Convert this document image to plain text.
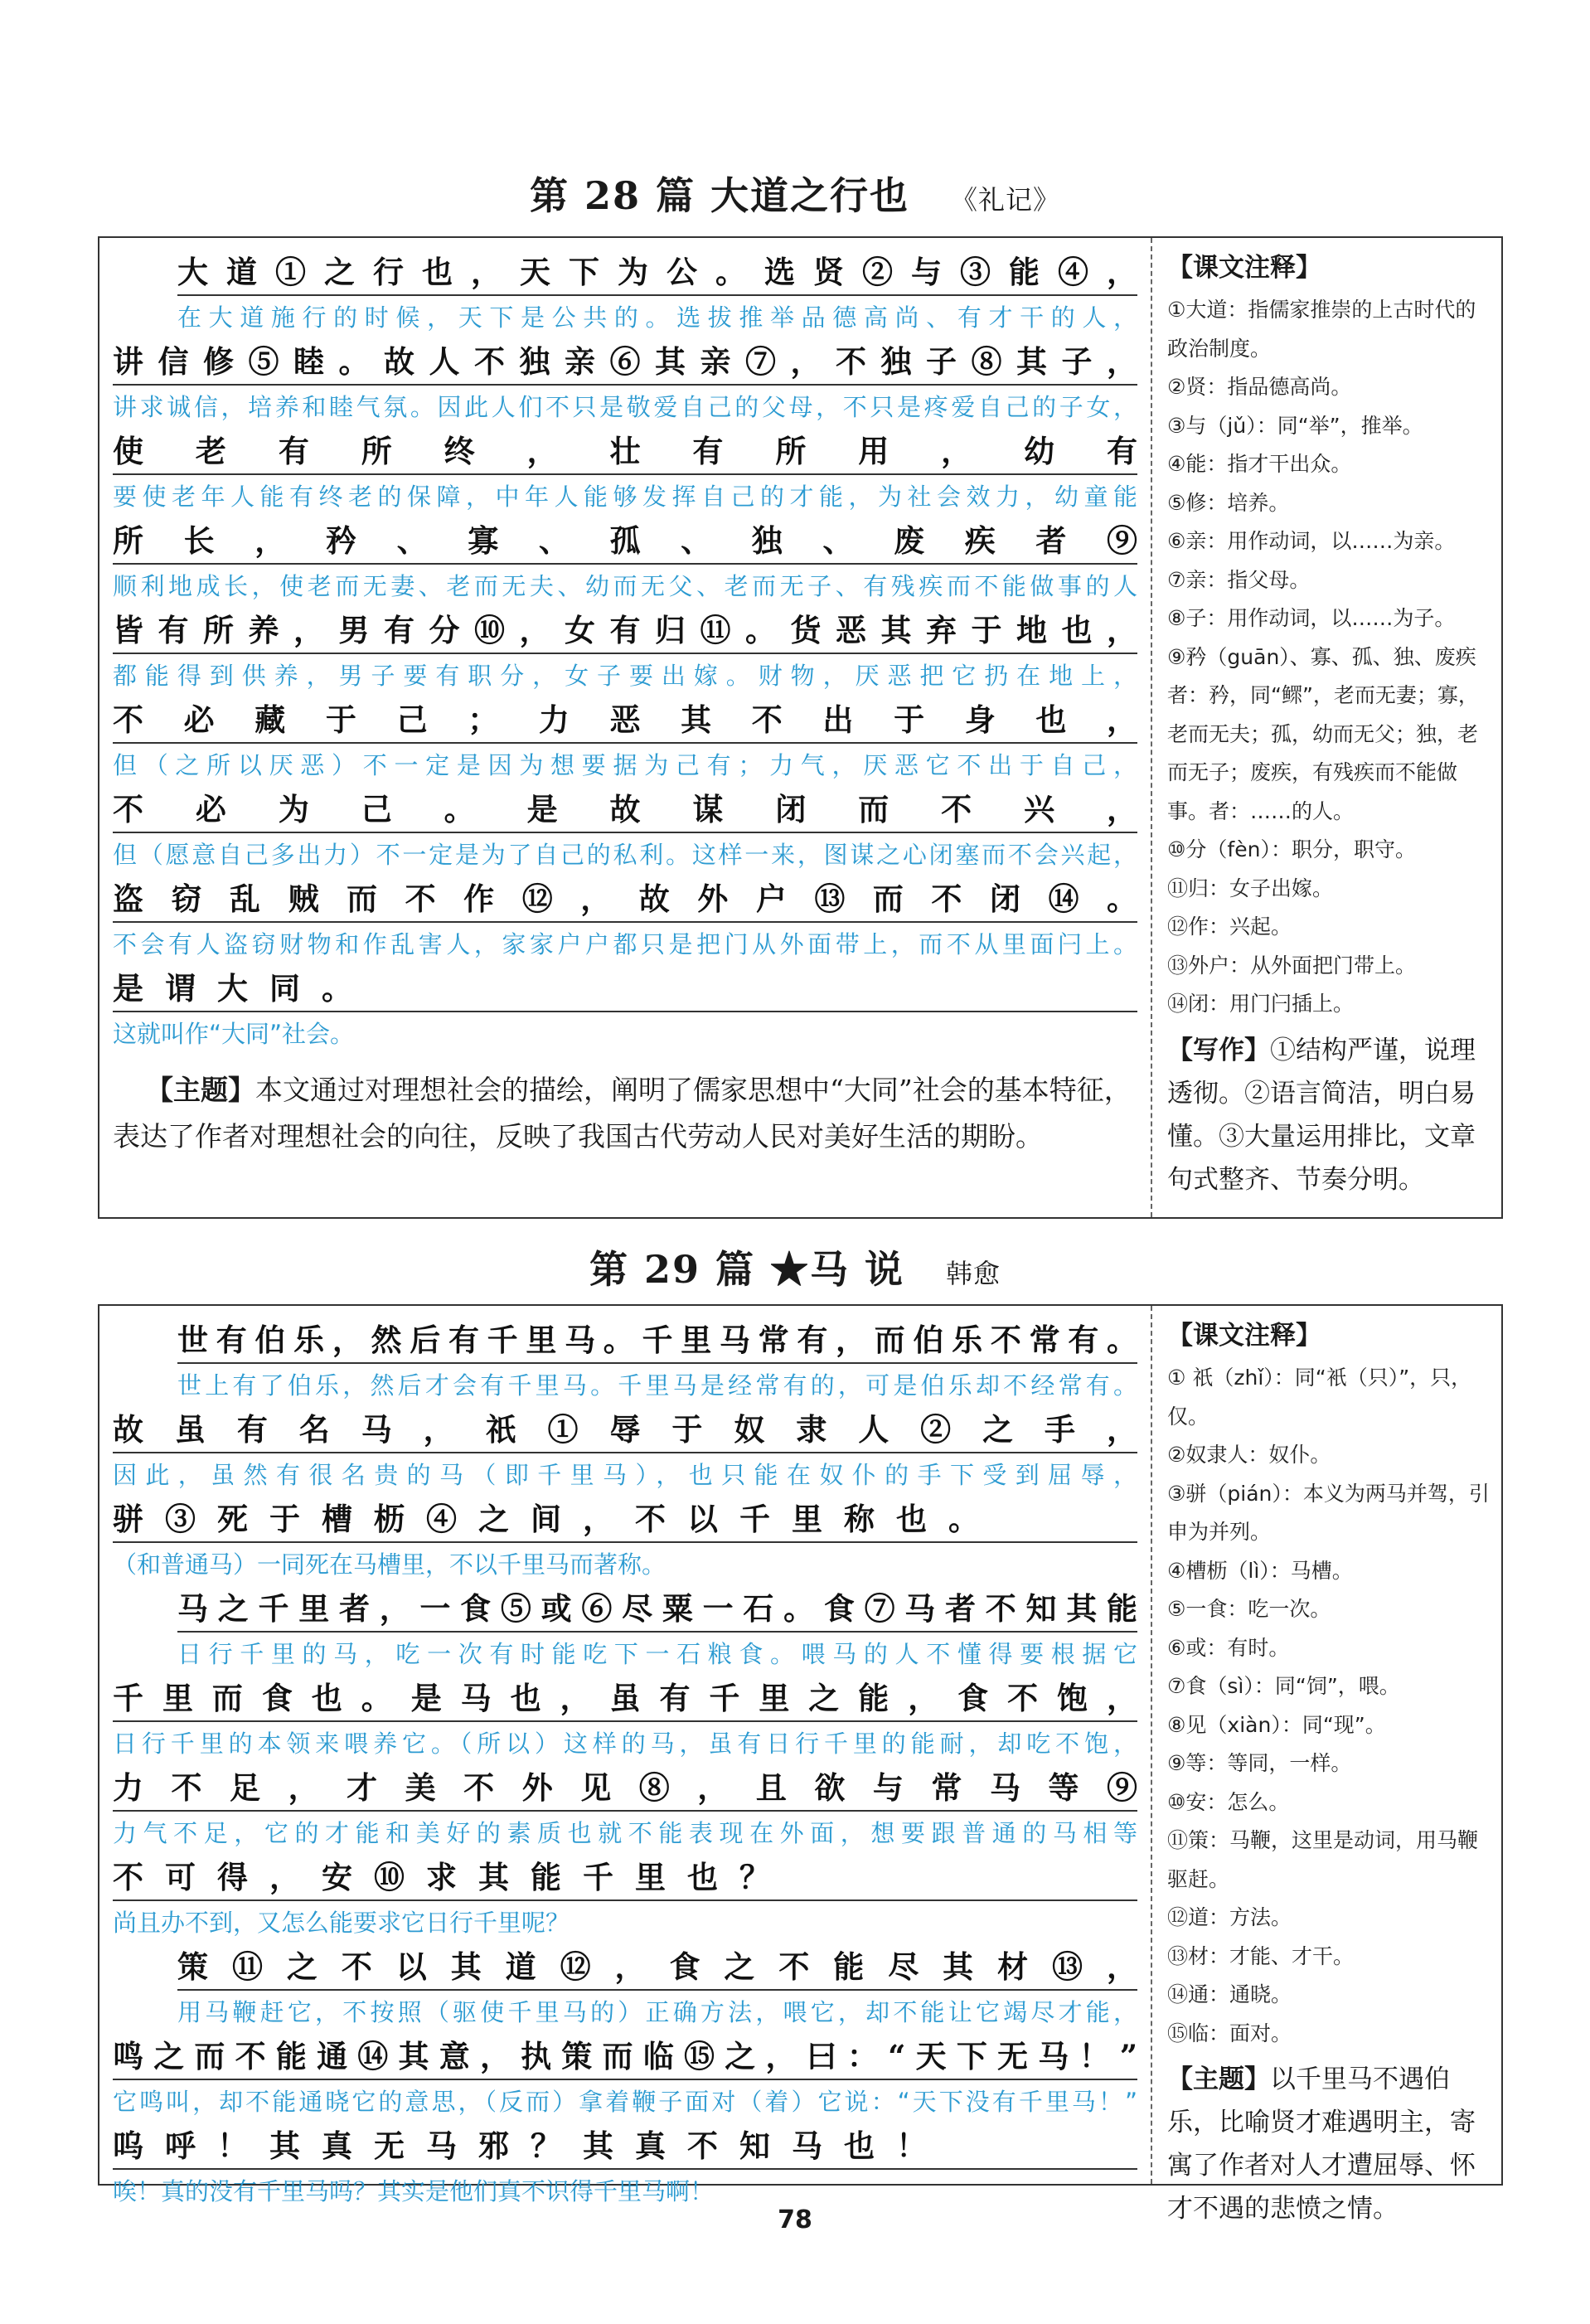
第 28 篇 大道之行也 《礼记》

大道①之行也，天下为公。选贤②与③能④，

在大道施行的时候，天下是公共的。选拔推举品德高尚、有才干的人，

讲信修⑤睦。故人不独亲⑥其亲⑦，不独子⑧其子，

讲求诚信，培养和睦气氛。因此人们不只是敬爱自己的父母，不只是疼爱自己的子女，

使老有所终，壮有所用，幼有

要使老年人能有终老的保障，中年人能够发挥自己的才能，为社会效力，幼童能

所长，矜、寡、孤、独、废疾者⑨

顺利地成长，使老而无妻、老而无夫、幼而无父、老而无子、有残疾而不能做事的人

皆有所养，男有分⑩，女有归⑪。货恶其弃于地也，

都能得到供养，男子要有职分，女子要出嫁。财物，厌恶把它扔在地上，

不必藏于己；力恶其不出于身也，

但（之所以厌恶）不一定是因为想要据为己有；力气，厌恶它不出于自己，

不必为己。是故谋闭而不兴，

但（愿意自己多出力）不一定是为了自己的私利。这样一来，图谋之心闭塞而不会兴起，

盗窃乱贼而不作⑫，故外户⑬而不闭⑭。

不会有人盗窃财物和作乱害人，家家户户都只是把门从外面带上，而不从里面闩上。

是谓大同。

这就叫作“大同”社会。

【主题】本文通过对理想社会的描绘，阐明了儒家思想中“大同”社会的基本特征，表达了作者对理想社会的向往，反映了我国古代劳动人民对美好生活的期盼。

【课文注释】

①大道：指儒家推崇的上古时代的政治制度。

②贤：指品德高尚。

③与（jǔ）：同“举”，推举。

④能：指才干出众。

⑤修：培养。

⑥亲：用作动词，以……为亲。

⑦亲：指父母。

⑧子：用作动词，以……为子。

⑨矜（guān）、寡、孤、独、废疾者：矜，同“鳏”，老而无妻；寡，老而无夫；孤，幼而无父；独，老而无子；废疾，有残疾而不能做事。者：……的人。

⑩分（fèn）：职分，职守。

⑪归：女子出嫁。

⑫作：兴起。

⑬外户：从外面把门带上。

⑭闭：用门闩插上。

【写作】①结构严谨，说理透彻。②语言简洁，明白易懂。③大量运用排比，文章句式整齐、节奏分明。

第 29 篇 ★马 说 韩愈

世有伯乐，然后有千里马。千里马常有，而伯乐不常有。

世上有了伯乐，然后才会有千里马。千里马是经常有的，可是伯乐却不经常有。

故虽有名马，祇①辱于奴隶人②之手，

因此，虽然有很名贵的马（即千里马），也只能在奴仆的手下受到屈辱，

骈③死于槽枥④之间，不以千里称也。

（和普通马）一同死在马槽里，不以千里马而著称。

马之千里者，一食⑤或⑥尽粟一石。食⑦马者不知其能

日行千里的马，吃一次有时能吃下一石粮食。喂马的人不懂得要根据它

千里而食也。是马也，虽有千里之能，食不饱，

日行千里的本领来喂养它。（所以）这样的马，虽有日行千里的能耐，却吃不饱，

力不足，才美不外见⑧，且欲与常马等⑨

力气不足，它的才能和美好的素质也就不能表现在外面，想要跟普通的马相等

不可得，安⑩求其能千里也？

尚且办不到，又怎么能要求它日行千里呢？

策⑪之不以其道⑫，食之不能尽其材⑬，

用马鞭赶它，不按照（驱使千里马的）正确方法，喂它，却不能让它竭尽才能，

鸣之而不能通⑭其意，执策而临⑮之，曰：“天下无马！”

它鸣叫，却不能通晓它的意思，（反而）拿着鞭子面对（着）它说：“天下没有千里马！”

呜呼！其真无马邪？其真不知马也！

唉！真的没有千里马吗？其实是他们真不识得千里马啊！

【课文注释】

① 祇（zhǐ）：同“衹（只）”，只，仅。

②奴隶人：奴仆。

③骈（pián）：本义为两马并驾，引申为并列。

④槽枥（lì）：马槽。

⑤一食：吃一次。

⑥或：有时。

⑦食（sì）：同“饲”，喂。

⑧见（xiàn）：同“现”。

⑨等：等同，一样。

⑩安：怎么。

⑪策：马鞭，这里是动词，用马鞭驱赶。

⑫道：方法。

⑬材：才能、才干。

⑭通：通晓。

⑮临：面对。

【主题】以千里马不遇伯乐，比喻贤才难遇明主，寄寓了作者对人才遭屈辱、怀才不遇的悲愤之情。

78
